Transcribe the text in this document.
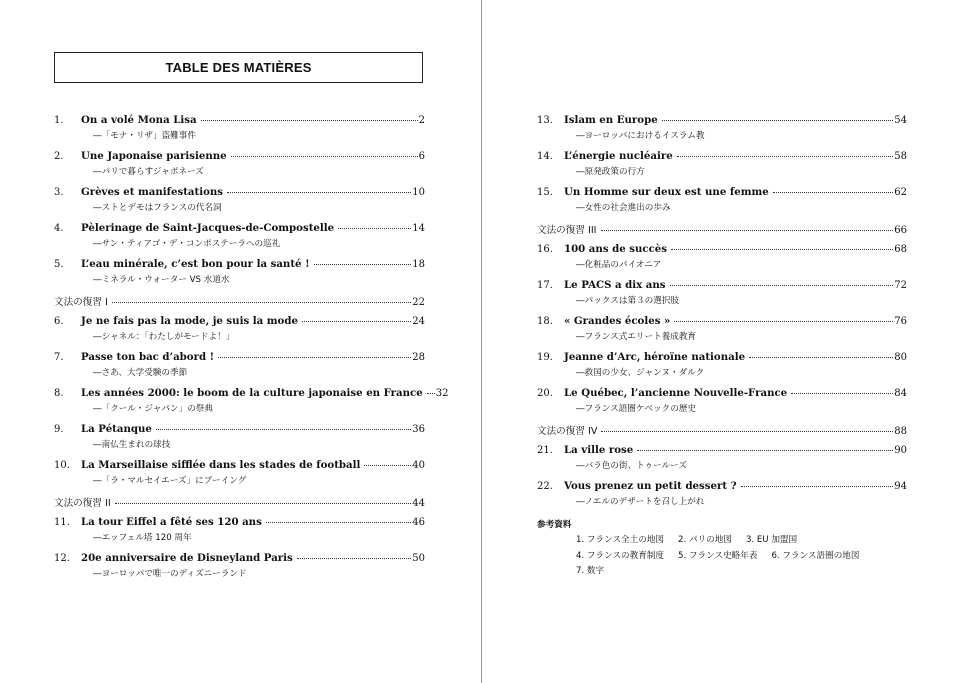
TABLE DES MATIÈRES
1.	On a volé Mona Lisa	2
―「モナ・リザ」盗難事件
2.	Une Japonaise parisienne	6
―パリで暮らすジャポネーズ
3.	Grèves et manifestations	10
―ストとデモはフランスの代名詞
4.	Pèlerinage de Saint-Jacques-de-Compostelle	14
―サン・ティアゴ・デ・コンポステーラへの巡礼
5.	L’eau minérale, c’est bon pour la santé !	18
―ミネラル・ウォーター VS 水道水
文法の復習 I	22
6.	Je ne fais pas la mode, je suis la mode	24
―シャネル：「わたしがモードよ！」
7.	Passe ton bac d’abord !	28
―さあ、大学受験の季節
8.	Les années 2000: le boom de la culture japonaise en France 32
―「クール・ジャパン」の祭典
9.	La Pétanque	36
―南仏生まれの球技
10.	La Marseillaise sifflée dans les stades de football	40
―「ラ・マルセイエーズ」にブーイング
文法の復習 II	44
11.	La tour Eiffel a fêté ses 120 ans	46
―エッフェル塔 120 周年
12.	20e anniversaire de Disneyland Paris	50
―ヨーロッパで唯一のディズニーランド
13.	Islam en Europe	54
―ヨーロッパにおけるイスラム教
14.	L’énergie nucléaire	58
―原発政策の行方
15.	Un Homme sur deux est une femme	62
―女性の社会進出の歩み
文法の復習 III	66
16.	100 ans de succès	68
―化粧品のパイオニア
17.	Le PACS a dix ans	72
―パックスは第３の選択肢
18.	« Grandes écoles »	76
―フランス式エリート養成教育
19.	Jeanne d’Arc, héroïne nationale	80
―救国の少女、ジャンヌ・ダルク
20.	Le Québec, l’ancienne Nouvelle-France	84
―フランス語圏ケベックの歴史
文法の復習 IV	88
21.	La ville rose	90
―バラ色の街、トゥールーズ
22.	Vous prenez un petit dessert ?	94
―ノエルのデザートを召し上がれ
参考資料
1. フランス全土の地図 2. パリの地図 3. EU 加盟国
4. フランスの教育制度 5. フランス史略年表 6. フランス語圏の地図
7. 数字
